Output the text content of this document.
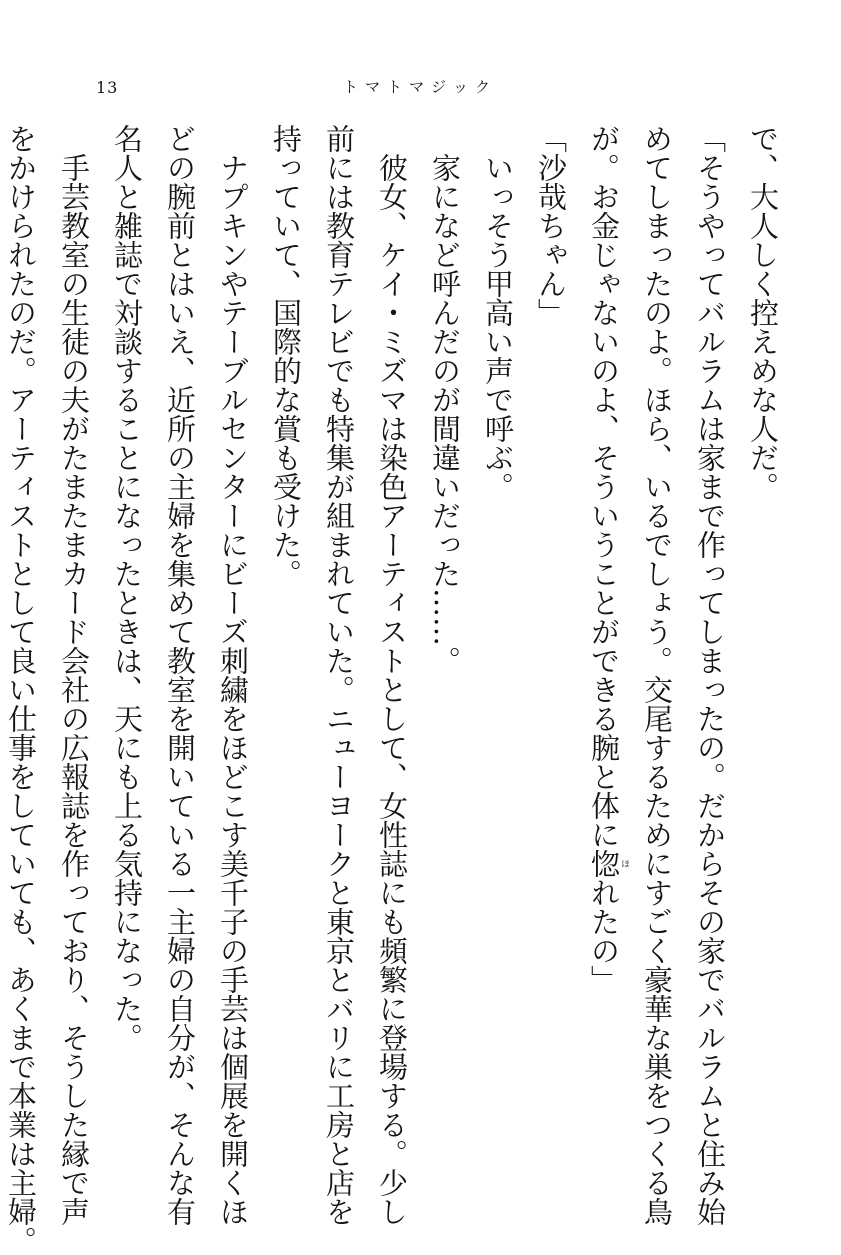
13	トマトマジック

で、大人しく控えめな人だ。

「そうやってバルラムは家まで作ってしまったの。だからその家でバルラムと住み始

めてしまったのよ。ほら、いるでしょう。交尾するためにすごく豪華な巣をつくる鳥

が。お金じゃないのよ、そういうことができる腕と体に惚ほれたの」

「沙哉ちゃん」

いっそう甲高い声で呼ぶ。

家になど呼んだのが間違いだった……。

彼女、ケイ・ミズマは染色アーティストとして、女性誌にも頻繁に登場する。少し

前には教育テレビでも特集が組まれていた。ニューヨークと東京とバリに工房と店を

持っていて、国際的な賞も受けた。

ナプキンやテーブルセンターにビーズ刺繍をほどこす美千子の手芸は個展を開くほ

どの腕前とはいえ、近所の主婦を集めて教室を開いている一主婦の自分が、そんな有

名人と雑誌で対談することになったときは、天にも上る気持になった。

手芸教室の生徒の夫がたまたまカード会社の広報誌を作っており、そうした縁で声

をかけられたのだ。アーティストとして良い仕事をしていても、あくまで本業は主婦。
